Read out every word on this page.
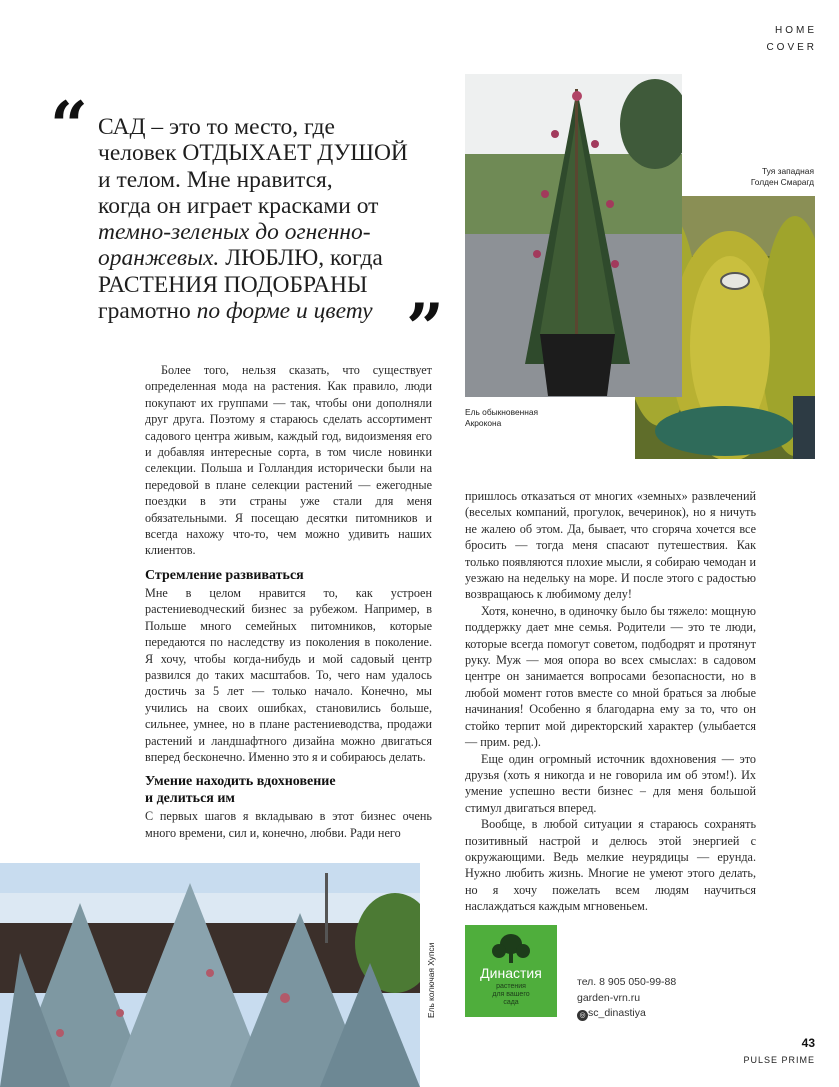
HOME
COVER
“ САД – это то место, где
человек ОТДЫХАЕТ ДУШОЙ
и телом. Мне нравится,
когда он играет красками от
темно-зеленых до огненно-
оранжевых. ЛЮБЛЮ, когда
РАСТЕНИЯ ПОДОБРАНЫ
грамотно по форме и цвету ”
Туя западная
Голден Смарагд
Ель обыкновенная
Акрокона

Более того, нельзя сказать, что существует определенная мода на растения. Как правило, люди покупают их группами — так, чтобы они дополняли друг друга. Поэтому я стараюсь сделать ассортимент садового центра живым, каждый год, видоизменяя его и добавляя интересные сорта, в том числе новинки селекции. Польша и Голландия исторически были на передовой в плане селекции растений — ежегодные поездки в эти страны уже стали для меня обязательными. Я посещаю десятки питомников и всегда нахожу что-то, чем можно удивить наших клиентов.

Стремление развиваться

Мне в целом нравится то, как устроен растениеводческий бизнес за рубежом. Например, в Польше много семейных питомников, которые передаются по наследству из поколения в поколение. Я хочу, чтобы когда-нибудь и мой садовый центр развился до таких масштабов. То, чего нам удалось достичь за 5 лет — только начало. Конечно, мы учились на своих ошибках, становились больше, сильнее, умнее, но в плане растениеводства, продажи растений и ландшафтного дизайна можно двигаться вперед бесконечно. Именно это я и собираюсь делать.

Умение находить вдохновение
и делиться им

С первых шагов я вкладываю в этот бизнес очень много времени, сил и, конечно, любви. Ради него

пришлось отказаться от многих «земных» развлечений (веселых компаний, прогулок, вечеринок), но я ничуть не жалею об этом. Да, бывает, что сгоряча хочется все бросить — тогда меня спасают путешествия. Как только появляются плохие мысли, я собираю чемодан и уезжаю на недельку на море. И после этого с радостью возвращаюсь к любимому делу!

Хотя, конечно, в одиночку было бы тяжело: мощную поддержку дает мне семья. Родители — это те люди, которые всегда помогут советом, подбодрят и протянут руку. Муж — моя опора во всех смыслах: в садовом центре он занимается вопросами безопасности, но в любой момент готов вместе со мной браться за любые начинания! Особенно я благодарна ему за то, что он стойко терпит мой директорский характер (улыбается — прим. ред.).

Еще один огромный источник вдохновения — это друзья (хоть я никогда и не говорила им об этом!). Их умение успешно вести бизнес – для меня большой стимул двигаться вперед.

Вообще, в любой ситуации я стараюсь сохранять позитивный настрой и делюсь этой энергией с окружающими. Ведь мелкие неурядицы — ерунда. Нужно любить жизнь. Многие не умеют этого делать, но я хочу пожелать всем людям научиться наслаждаться каждым мгновеньем.

Ель колючая Хупси	Династия
растения
для вашего
сада
тел. 8 905 050-99-88
garden-vrn.ru
◎ sc_dinastiya
43
PULSE PRIME
